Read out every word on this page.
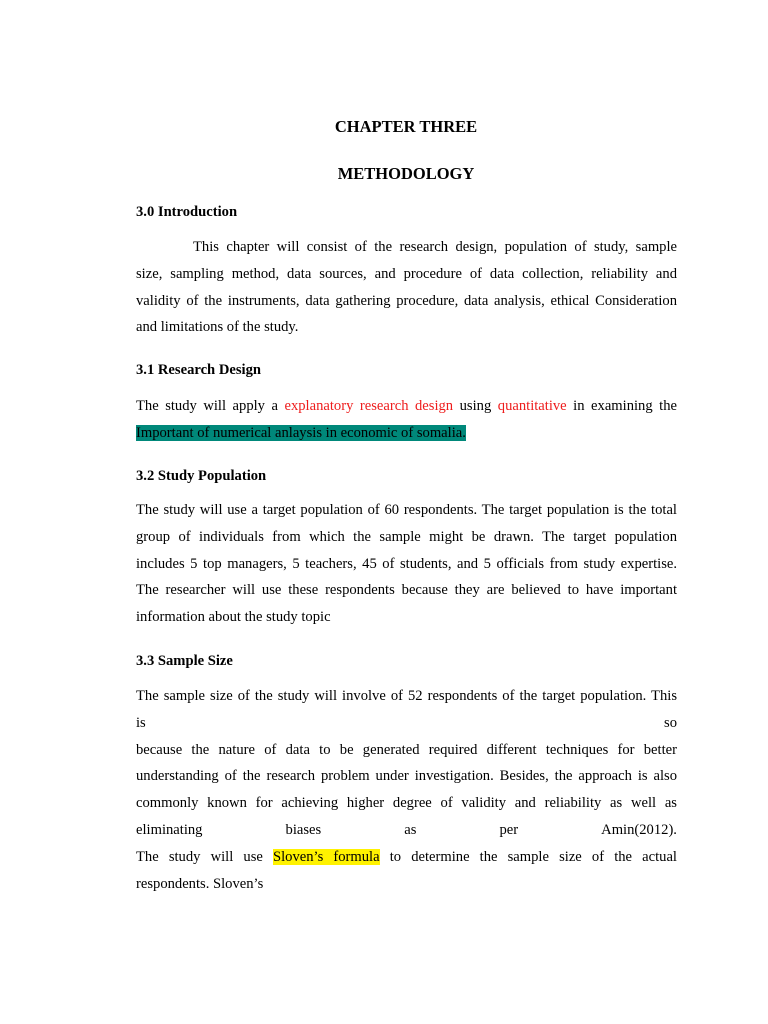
CHAPTER THREE
METHODOLOGY
3.0 Introduction
This chapter will consist of the research design, population of study, sample
size, sampling method, data sources, and procedure of data collection, reliability and
validity of the instruments, data gathering procedure, data analysis, ethical Consideration
and limitations of the study.
3.1 Research Design
The study will apply a explanatory research design using quantitative in examining the
Important of numerical anlaysis in economic of somalia.
3.2 Study Population
The study will use a target population of 60 respondents. The target population is the total
group of individuals from which the sample might be drawn. The target population
includes 5 top managers, 5 teachers, 45 of students, and 5 officials from study expertise.
The researcher will use these respondents because they are believed to have important
information about the study topic
3.3 Sample Size
The sample size of the study will involve of 52 respondents of the target population. This
is	so
because the nature of data to be generated required different techniques for better
understanding of the research problem under investigation. Besides, the approach is also
commonly known for achieving higher degree of validity and reliability as well as
eliminating	biases	as	per	Amin(2012).
The study will use Sloven’s formula to determine the sample size of the actual
respondents. Sloven’s
